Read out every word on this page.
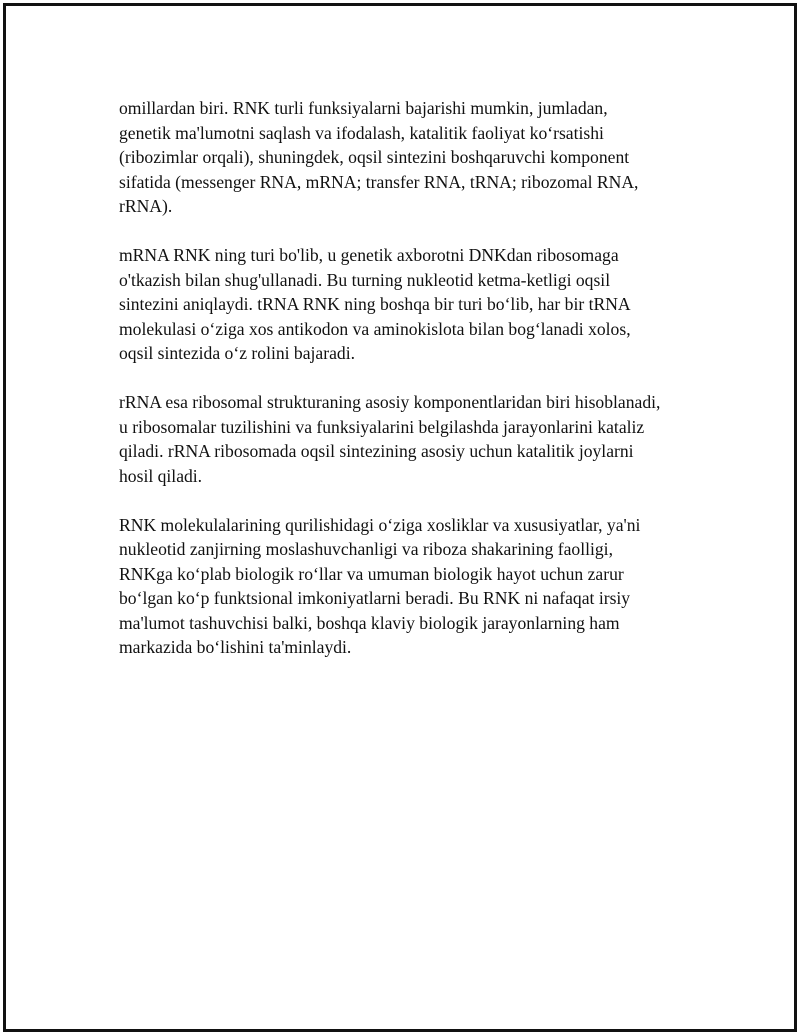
omillardan biri. RNK turli funksiyalarni bajarishi mumkin, jumladan,
genetik ma'lumotni saqlash va ifodalash, katalitik faoliyat ko‘rsatishi
(ribozimlar orqali), shuningdek, oqsil sintezini boshqaruvchi komponent
sifatida (messenger RNA, mRNA; transfer RNA, tRNA; ribozomal RNA,
rRNA).

mRNA RNK ning turi bo'lib, u genetik axborotni DNKdan ribosomaga
o'tkazish bilan shug'ullanadi. Bu turning nukleotid ketma-ketligi oqsil
sintezini aniqlaydi. tRNA RNK ning boshqa bir turi bo‘lib, har bir tRNA
molekulasi o‘ziga xos antikodon va aminokislota bilan bog‘lanadi xolos,
oqsil sintezida o‘z rolini bajaradi.

rRNA esa ribosomal strukturaning asosiy komponentlaridan biri hisoblanadi,
u ribosomalar tuzilishini va funksiyalarini belgilashda jarayonlarini kataliz
qiladi. rRNA ribosomada oqsil sintezining asosiy uchun katalitik joylarni
hosil qiladi.

RNK molekulalarining qurilishidagi o‘ziga xosliklar va xususiyatlar, ya'ni
nukleotid zanjirning moslashuvchanligi va riboza shakarining faolligi,
RNKga ko‘plab biologik ro‘llar va umuman biologik hayot uchun zarur
bo‘lgan ko‘p funktsional imkoniyatlarni beradi. Bu RNK ni nafaqat irsiy
ma'lumot tashuvchisi balki, boshqa klaviy biologik jarayonlarning ham
markazida bo‘lishini ta'minlaydi.
